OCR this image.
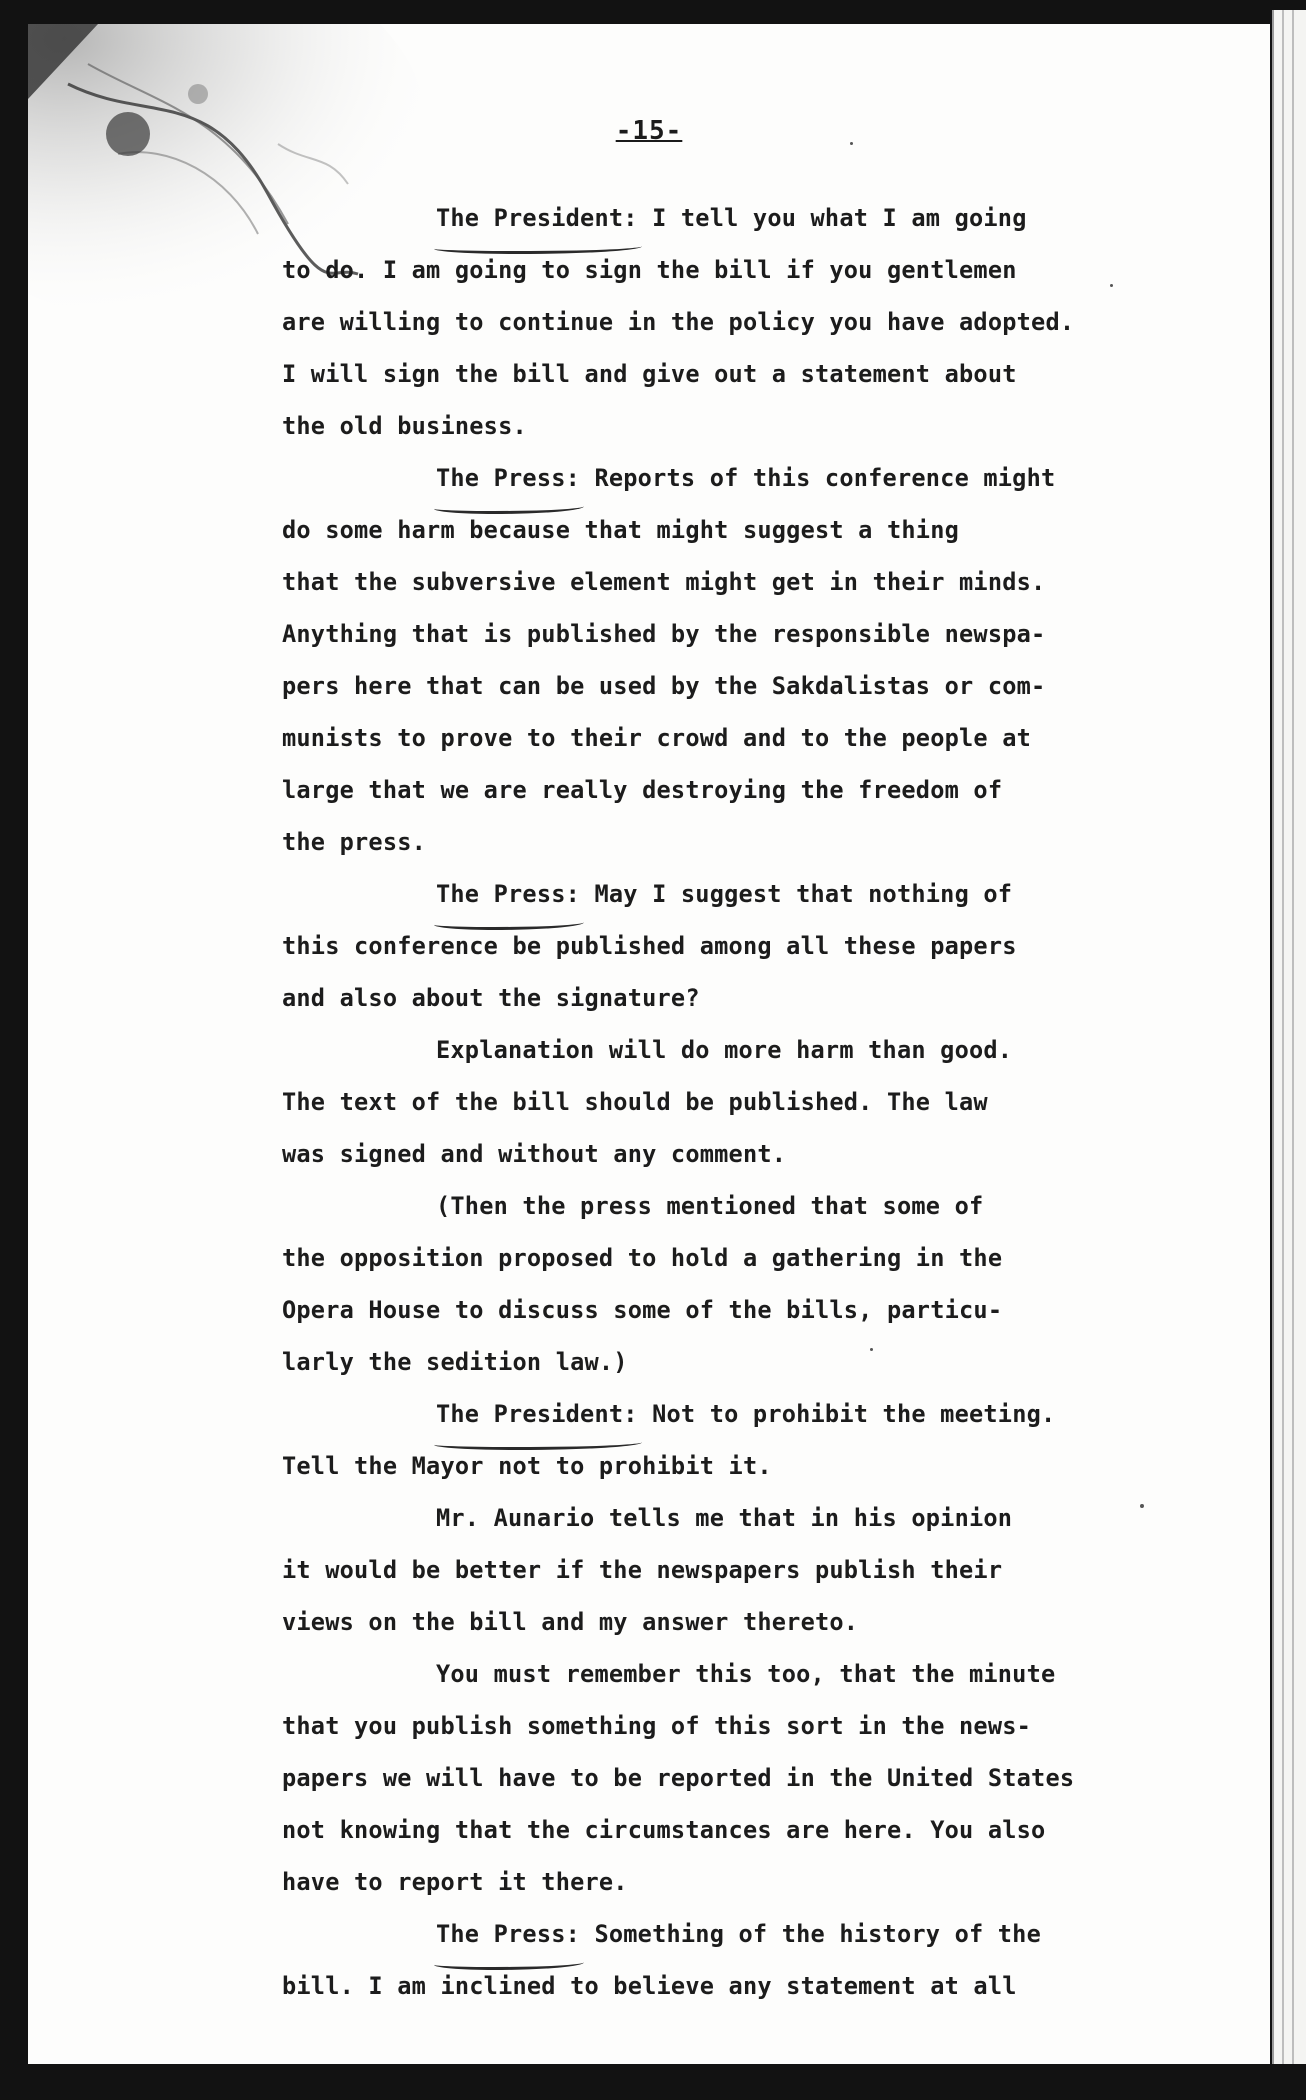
-15-
The President: I tell you what I am going
to do. I am going to sign the bill if you gentlemen
are willing to continue in the policy you have adopted.
I will sign the bill and give out a statement about
the old business.
The Press: Reports of this conference might
do some harm because that might suggest a thing
that the subversive element might get in their minds.
Anything that is published by the responsible newspa-
pers here that can be used by the Sakdalistas or com-
munists to prove to their crowd and to the people at
large that we are really destroying the freedom of
the press.
The Press: May I suggest that nothing of
this conference be published among all these papers
and also about the signature?
Explanation will do more harm than good.
The text of the bill should be published. The law
was signed and without any comment.
(Then the press mentioned that some of
the opposition proposed to hold a gathering in the
Opera House to discuss some of the bills, particu-
larly the sedition law.)
The President: Not to prohibit the meeting.
Tell the Mayor not to prohibit it.
Mr. Aunario tells me that in his opinion
it would be better if the newspapers publish their
views on the bill and my answer thereto.
You must remember this too, that the minute
that you publish something of this sort in the news-
papers we will have to be reported in the United States
not knowing that the circumstances are here. You also
have to report it there.
The Press: Something of the history of the
bill. I am inclined to believe any statement at all
